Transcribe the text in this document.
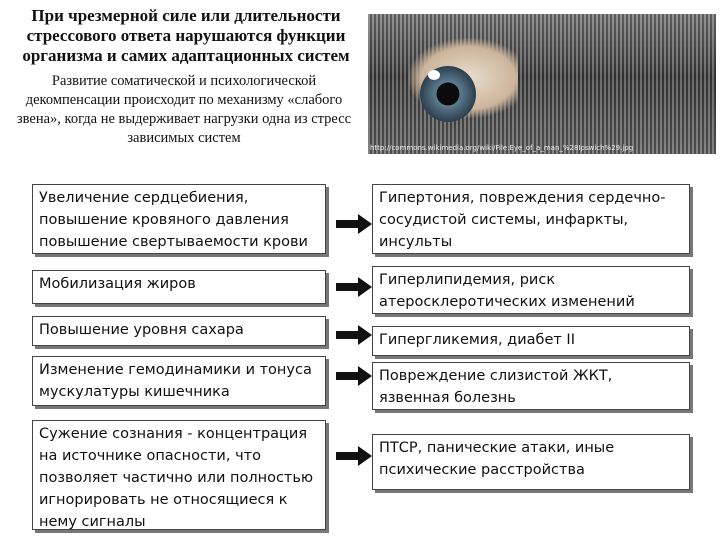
При чрезмерной силе или длительности стрессового ответа нарушаются функции организма и самих адаптационных систем
Развитие соматической и психологической декомпенсации происходит по механизму «слабого звена», когда не выдерживает нагрузки одна из стресс зависимых систем
http://commons.wikimedia.org/wiki/File:Eye_of_a_man_%28Ipswich%29.jpg
Увеличение сердцебиения, повышение кровяного давления повышение свертываемости крови
Гипертония, повреждения сердечно-сосудистой системы, инфаркты, инсульты
Мобилизация жиров	Гиперлипидемия, риск атеросклеротических изменений
Повышение уровня сахара
Гипергликемия, диабет II
Изменение гемодинамики и тонуса мускулатуры кишечника
Повреждение слизистой ЖКТ, язвенная болезнь
Сужение сознания - концентрация на источнике опасности, что позволяет частично или полностью игнорировать не относящиеся к нему сигналы
ПТСР, панические атаки, иные психические расстройства
